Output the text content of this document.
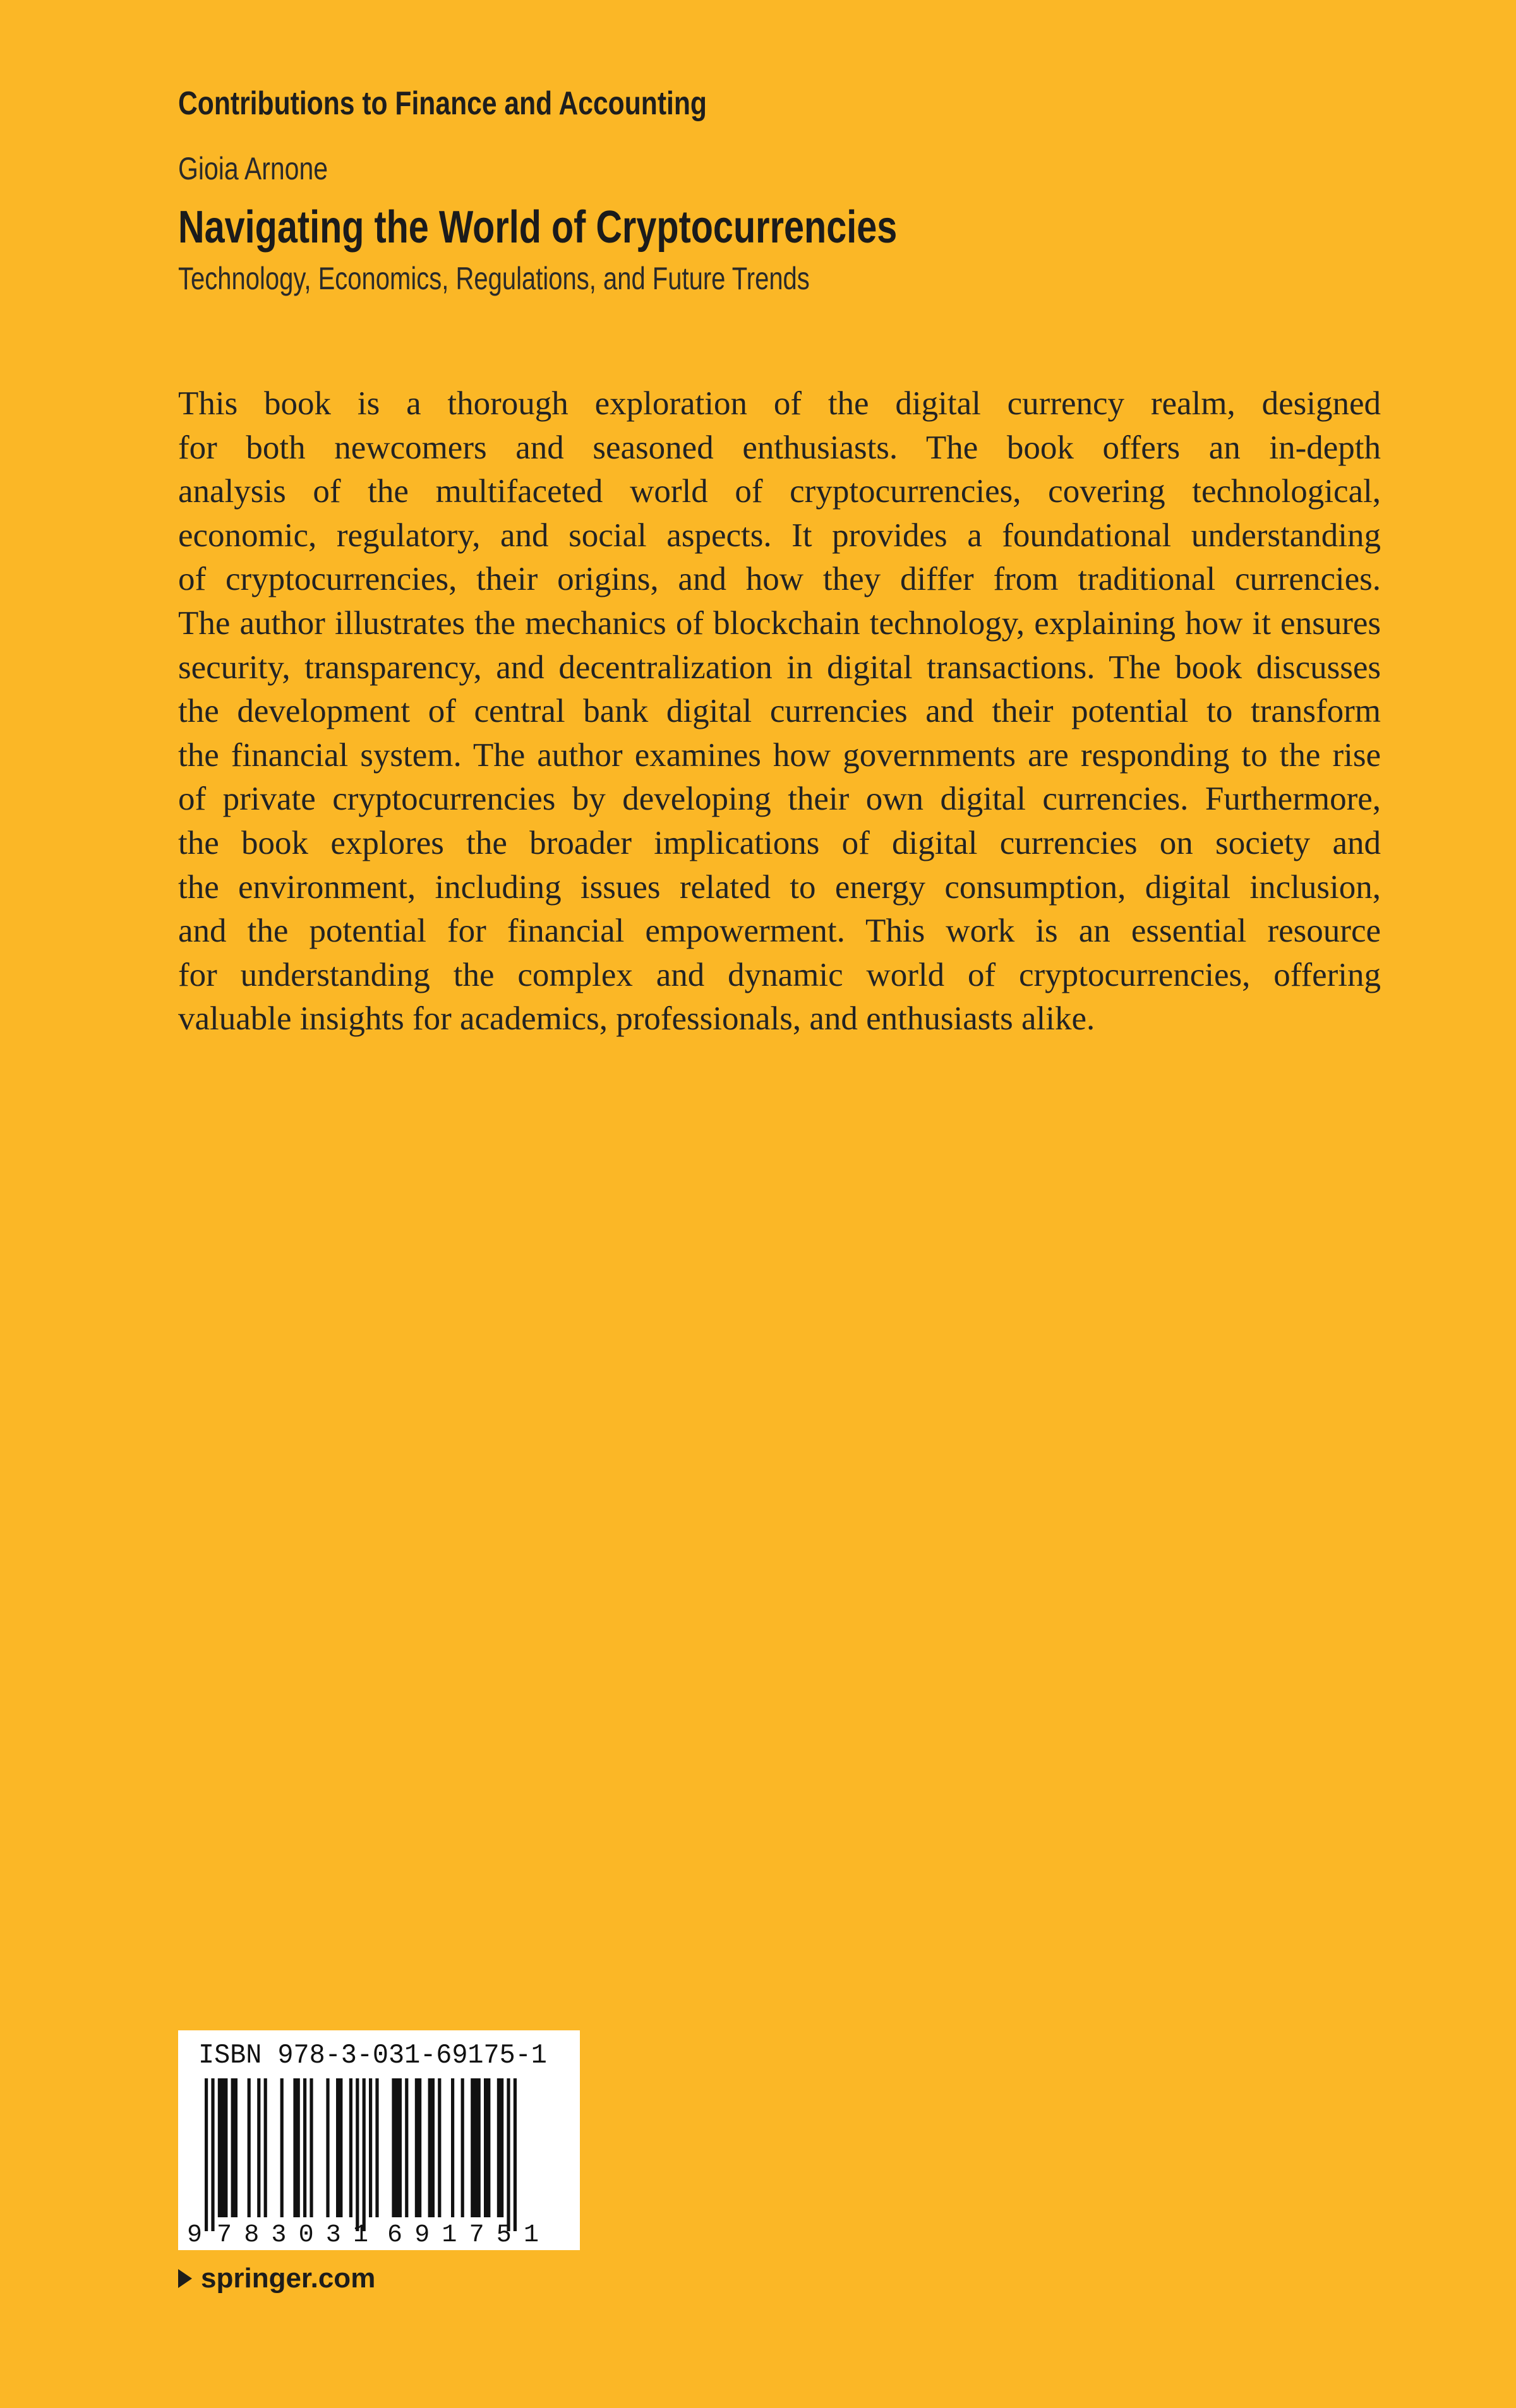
Contributions to Finance and Accounting
Gioia Arnone
Navigating the World of Cryptocurrencies
Technology, Economics, Regulations, and Future Trends

This book is a thorough exploration of the digital currency realm, designed
for both newcomers and seasoned enthusiasts. The book offers an in-depth
analysis of the multifaceted world of cryptocurrencies, covering technological,
economic, regulatory, and social aspects. It provides a foundational understanding
of cryptocurrencies, their origins, and how they differ from traditional currencies.
The author illustrates the mechanics of blockchain technology, explaining how it ensures
security, transparency, and decentralization in digital transactions. The book discusses
the development of central bank digital currencies and their potential to transform
the financial system. The author examines how governments are responding to the rise
of private cryptocurrencies by developing their own digital currencies. Furthermore,
the book explores the broader implications of digital currencies on society and
the environment, including issues related to energy consumption, digital inclusion,
and the potential for financial empowerment. This work is an essential resource
for understanding the complex and dynamic world of cryptocurrencies, offering
valuable insights for academics, professionals, and enthusiasts alike.

ISBN 978-3-031-69175-1
9 783031 691751
springer.com
